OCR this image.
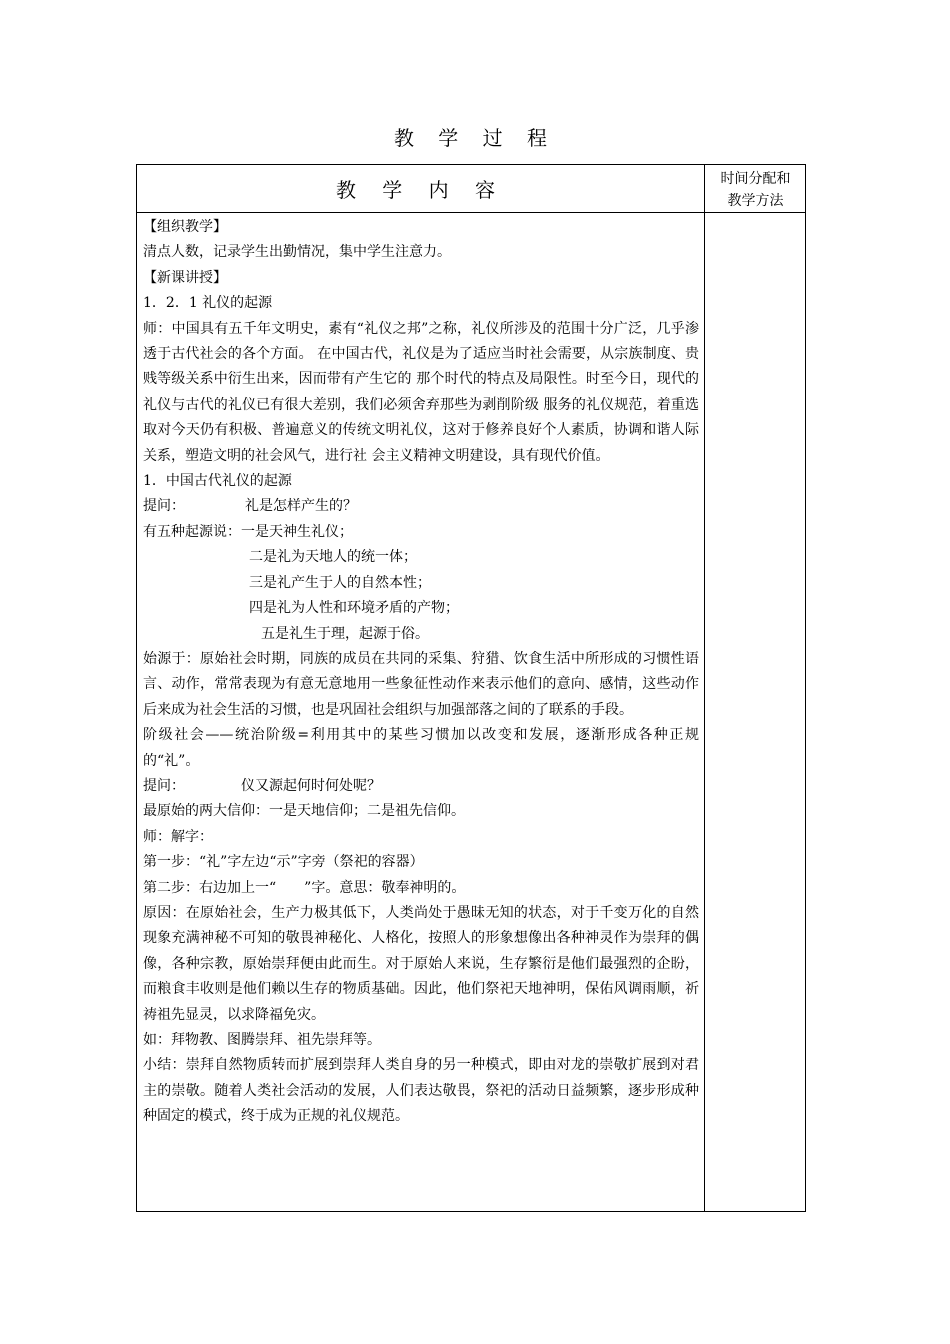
教 学 过 程
教 学 内 容	时间分配和
教学方法

【组织教学】

清点人数，记录学生出勤情况，集中学生注意力。

【新课讲授】

1．2．1 礼仪的起源

师：中国具有五千年文明史，素有“礼仪之邦”之称，礼仪所涉及的范围十分广泛，几乎渗透于古代社会的各个方面。 在中国古代，礼仪是为了适应当时社会需要，从宗族制度、贵贱等级关系中衍生出来，因而带有产生它的 那个时代的特点及局限性。时至今日，现代的礼仪与古代的礼仪已有很大差别，我们必须舍弃那些为剥削阶级 服务的礼仪规范，着重选取对今天仍有积极、普遍意义的传统文明礼仪，这对于修养良好个人素质，协调和谐人际关系，塑造文明的社会风气，进行社 会主义精神文明建设，具有现代价值。

1．中国古代礼仪的起源

提问：	礼是怎样产生的？

有五种起源说：一是天神生礼仪；

二是礼为天地人的统一体；

三是礼产生于人的自然本性；

四是礼为人性和环境矛盾的产物；

五是礼生于理，起源于俗。

始源于：原始社会时期，同族的成员在共同的采集、狩猎、饮食生活中所形成的习惯性语言、动作，常常表现为有意无意地用一些象征性动作来表示他们的意向、感情，这些动作后来成为社会生活的习惯，也是巩固社会组织与加强部落之间的了联系的手段。

阶级社会——统治阶级=利用其中的某些习惯加以改变和发展，逐渐形成各种正规的“礼”。

提问：	仪又源起何时何处呢？

最原始的两大信仰：一是天地信仰；二是祖先信仰。

师：解字：

第一步：“礼”字左边“示”字旁（祭祀的容器）

第二步：右边加上一“　　”字。意思：敬奉神明的。

原因：在原始社会，生产力极其低下，人类尚处于愚昧无知的状态，对于千变万化的自然现象充满神秘不可知的敬畏神秘化、人格化，按照人的形象想像出各种神灵作为崇拜的偶像，各种宗教，原始崇拜便由此而生。对于原始人来说，生存繁衍是他们最强烈的企盼，而粮食丰收则是他们赖以生存的物质基础。因此，他们祭祀天地神明，保佑风调雨顺，祈祷祖先显灵，以求降福免灾。

如：拜物教、图腾崇拜、祖先崇拜等。

小结：崇拜自然物质转而扩展到崇拜人类自身的另一种模式，即由对龙的崇敬扩展到对君主的崇敬。随着人类社会活动的发展，人们表达敬畏，祭祀的活动日益频繁，逐步形成种种固定的模式，终于成为正规的礼仪规范。
